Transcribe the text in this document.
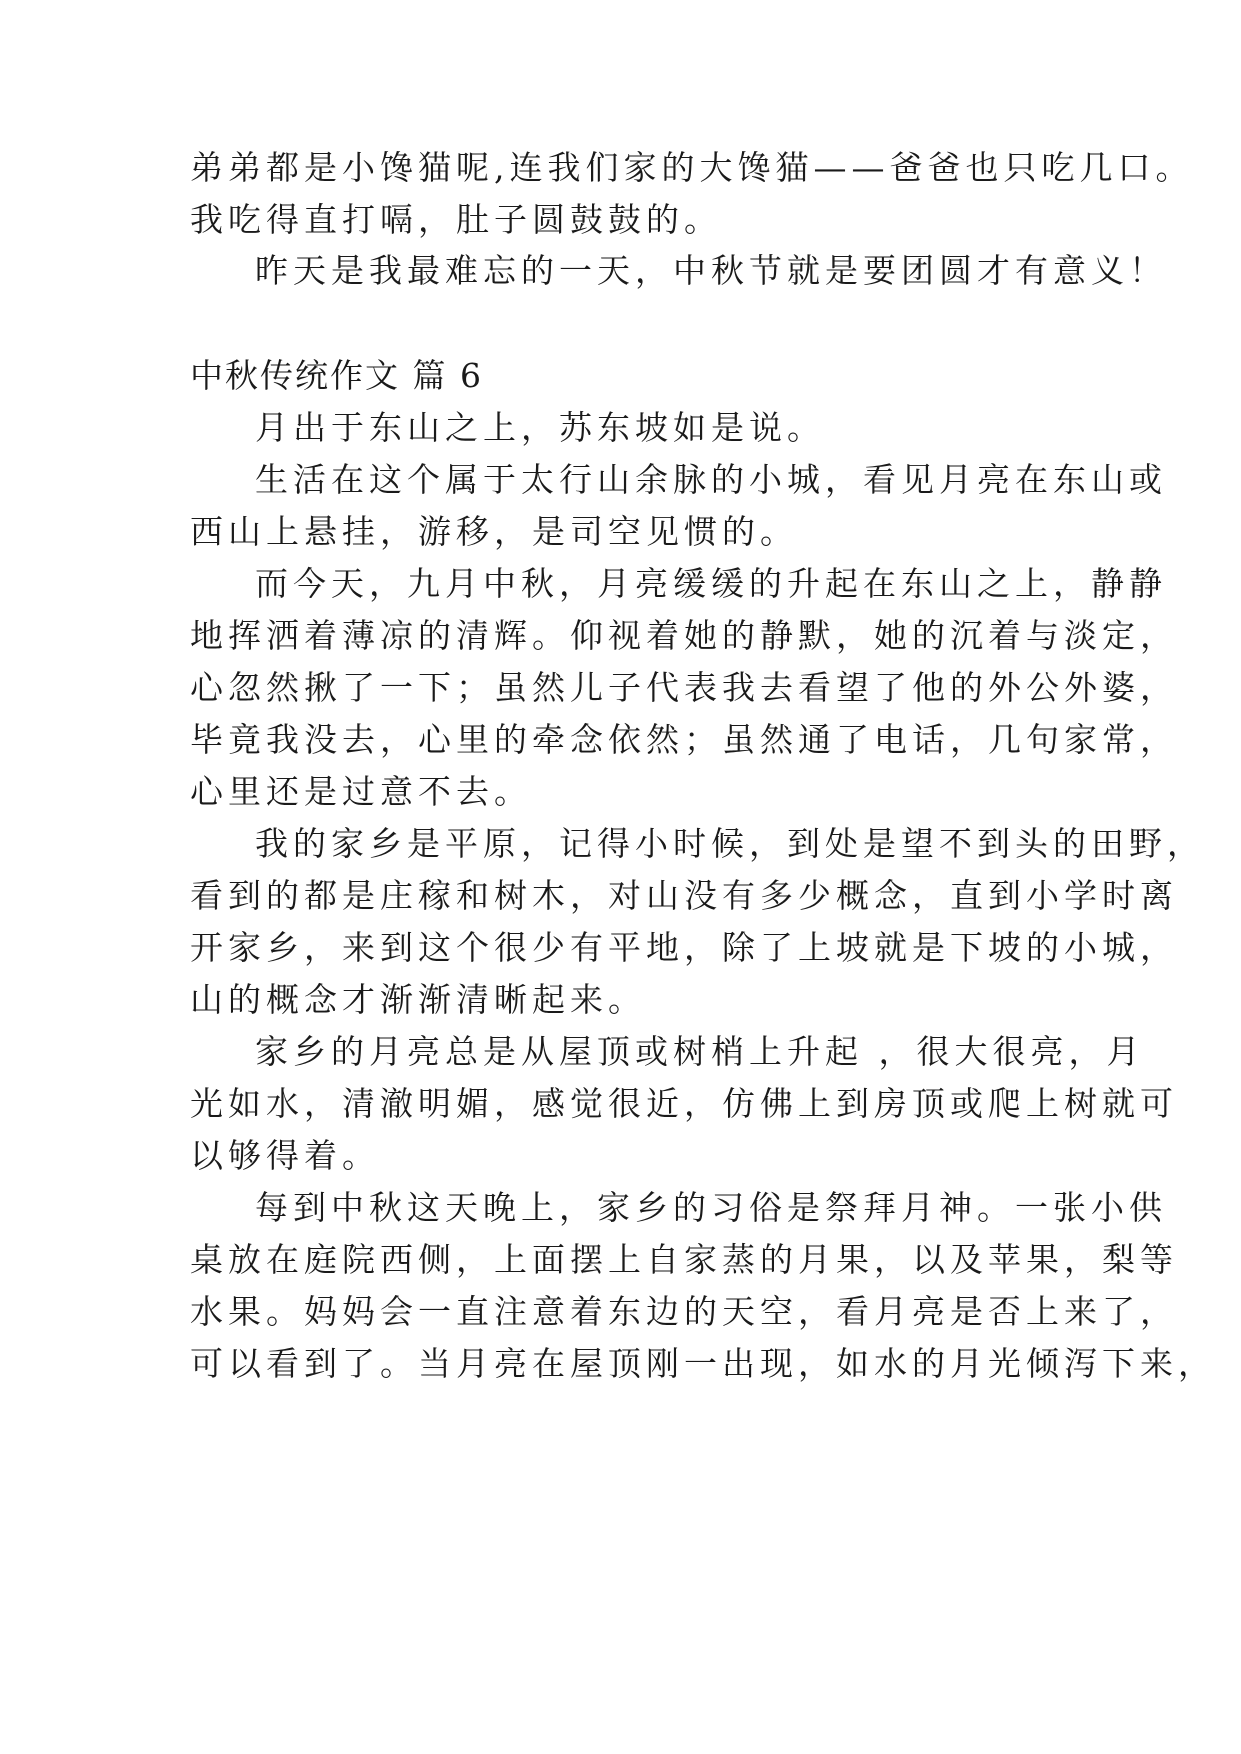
弟弟都是小馋猫呢,连我们家的大馋猫——爸爸也只吃几口。
我吃得直打嗝，肚子圆鼓鼓的。
昨天是我最难忘的一天，中秋节就是要团圆才有意义！
中秋传统作文 篇 6
月出于东山之上，苏东坡如是说。
生活在这个属于太行山余脉的小城，看见月亮在东山或
西山上悬挂，游移，是司空见惯的。
而今天，九月中秋，月亮缓缓的升起在东山之上，静静
地挥洒着薄凉的清辉。仰视着她的静默，她的沉着与淡定，
心忽然揪了一下；虽然儿子代表我去看望了他的外公外婆，
毕竟我没去，心里的牵念依然；虽然通了电话，几句家常，
心里还是过意不去。
我的家乡是平原，记得小时候，到处是望不到头的田野，
看到的都是庄稼和树木，对山没有多少概念，直到小学时离
开家乡，来到这个很少有平地，除了上坡就是下坡的小城，
山的概念才渐渐清晰起来。
家乡的月亮总是从屋顶或树梢上升起 ，很大很亮，月
光如水，清澈明媚，感觉很近，仿佛上到房顶或爬上树就可
以够得着。
每到中秋这天晚上，家乡的习俗是祭拜月神。一张小供
桌放在庭院西侧，上面摆上自家蒸的月果，以及苹果，梨等
水果。妈妈会一直注意着东边的天空，看月亮是否上来了，
可以看到了。当月亮在屋顶刚一出现，如水的月光倾泻下来，
